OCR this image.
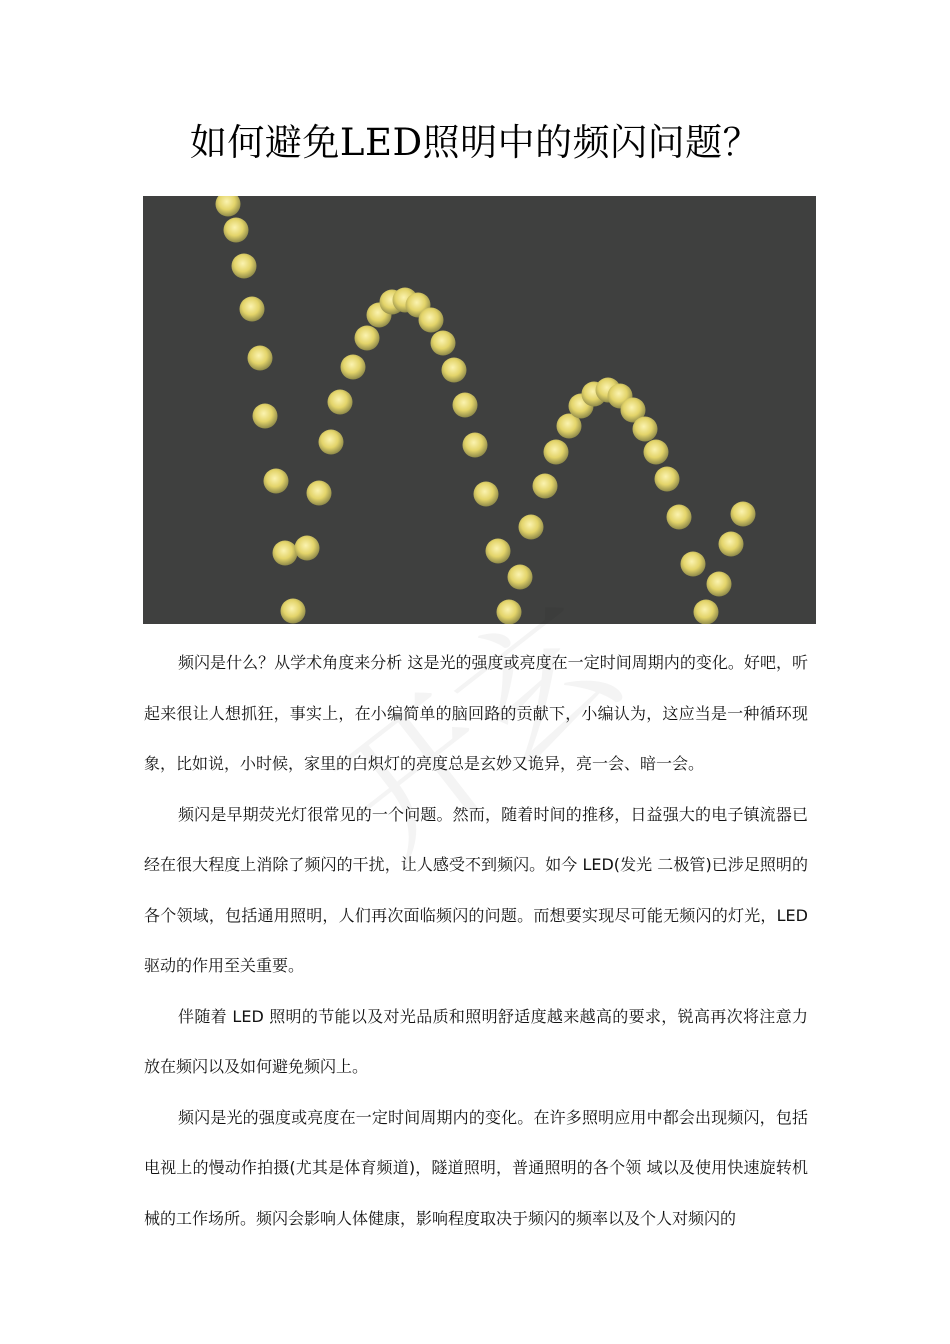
如何避免LED照明中的频闪问题？

频闪是什么？从学术角度来分析 这是光的强度或亮度在一定时间周期内的变化。好吧，听起来很让人想抓狂，事实上，在小编简单的脑回路的贡献下，小编认为，这应当是一种循环现象，比如说，小时候，家里的白炽灯的亮度总是玄妙又诡异，亮一会、暗一会。

频闪是早期荧光灯很常见的一个问题。然而，随着时间的推移，日益强大的电子镇流器已经在很大程度上消除了频闪的干扰，让人感受不到频闪。如今 LED(发光 二极管)已涉足照明的各个领域，包括通用照明，人们再次面临频闪的问题。而想要实现尽可能无频闪的灯光，LED 驱动的作用至关重要。

伴随着 LED 照明的节能以及对光品质和照明舒适度越来越高的要求，锐高再次将注意力放在频闪以及如何避免频闪上。

频闪是光的强度或亮度在一定时间周期内的变化。在许多照明应用中都会出现频闪，包括电视上的慢动作拍摄(尤其是体育频道)，隧道照明，普通照明的各个领 域以及使用快速旋转机械的工作场所。频闪会影响人体健康，影响程度取决于频闪的频率以及个人对频闪的
